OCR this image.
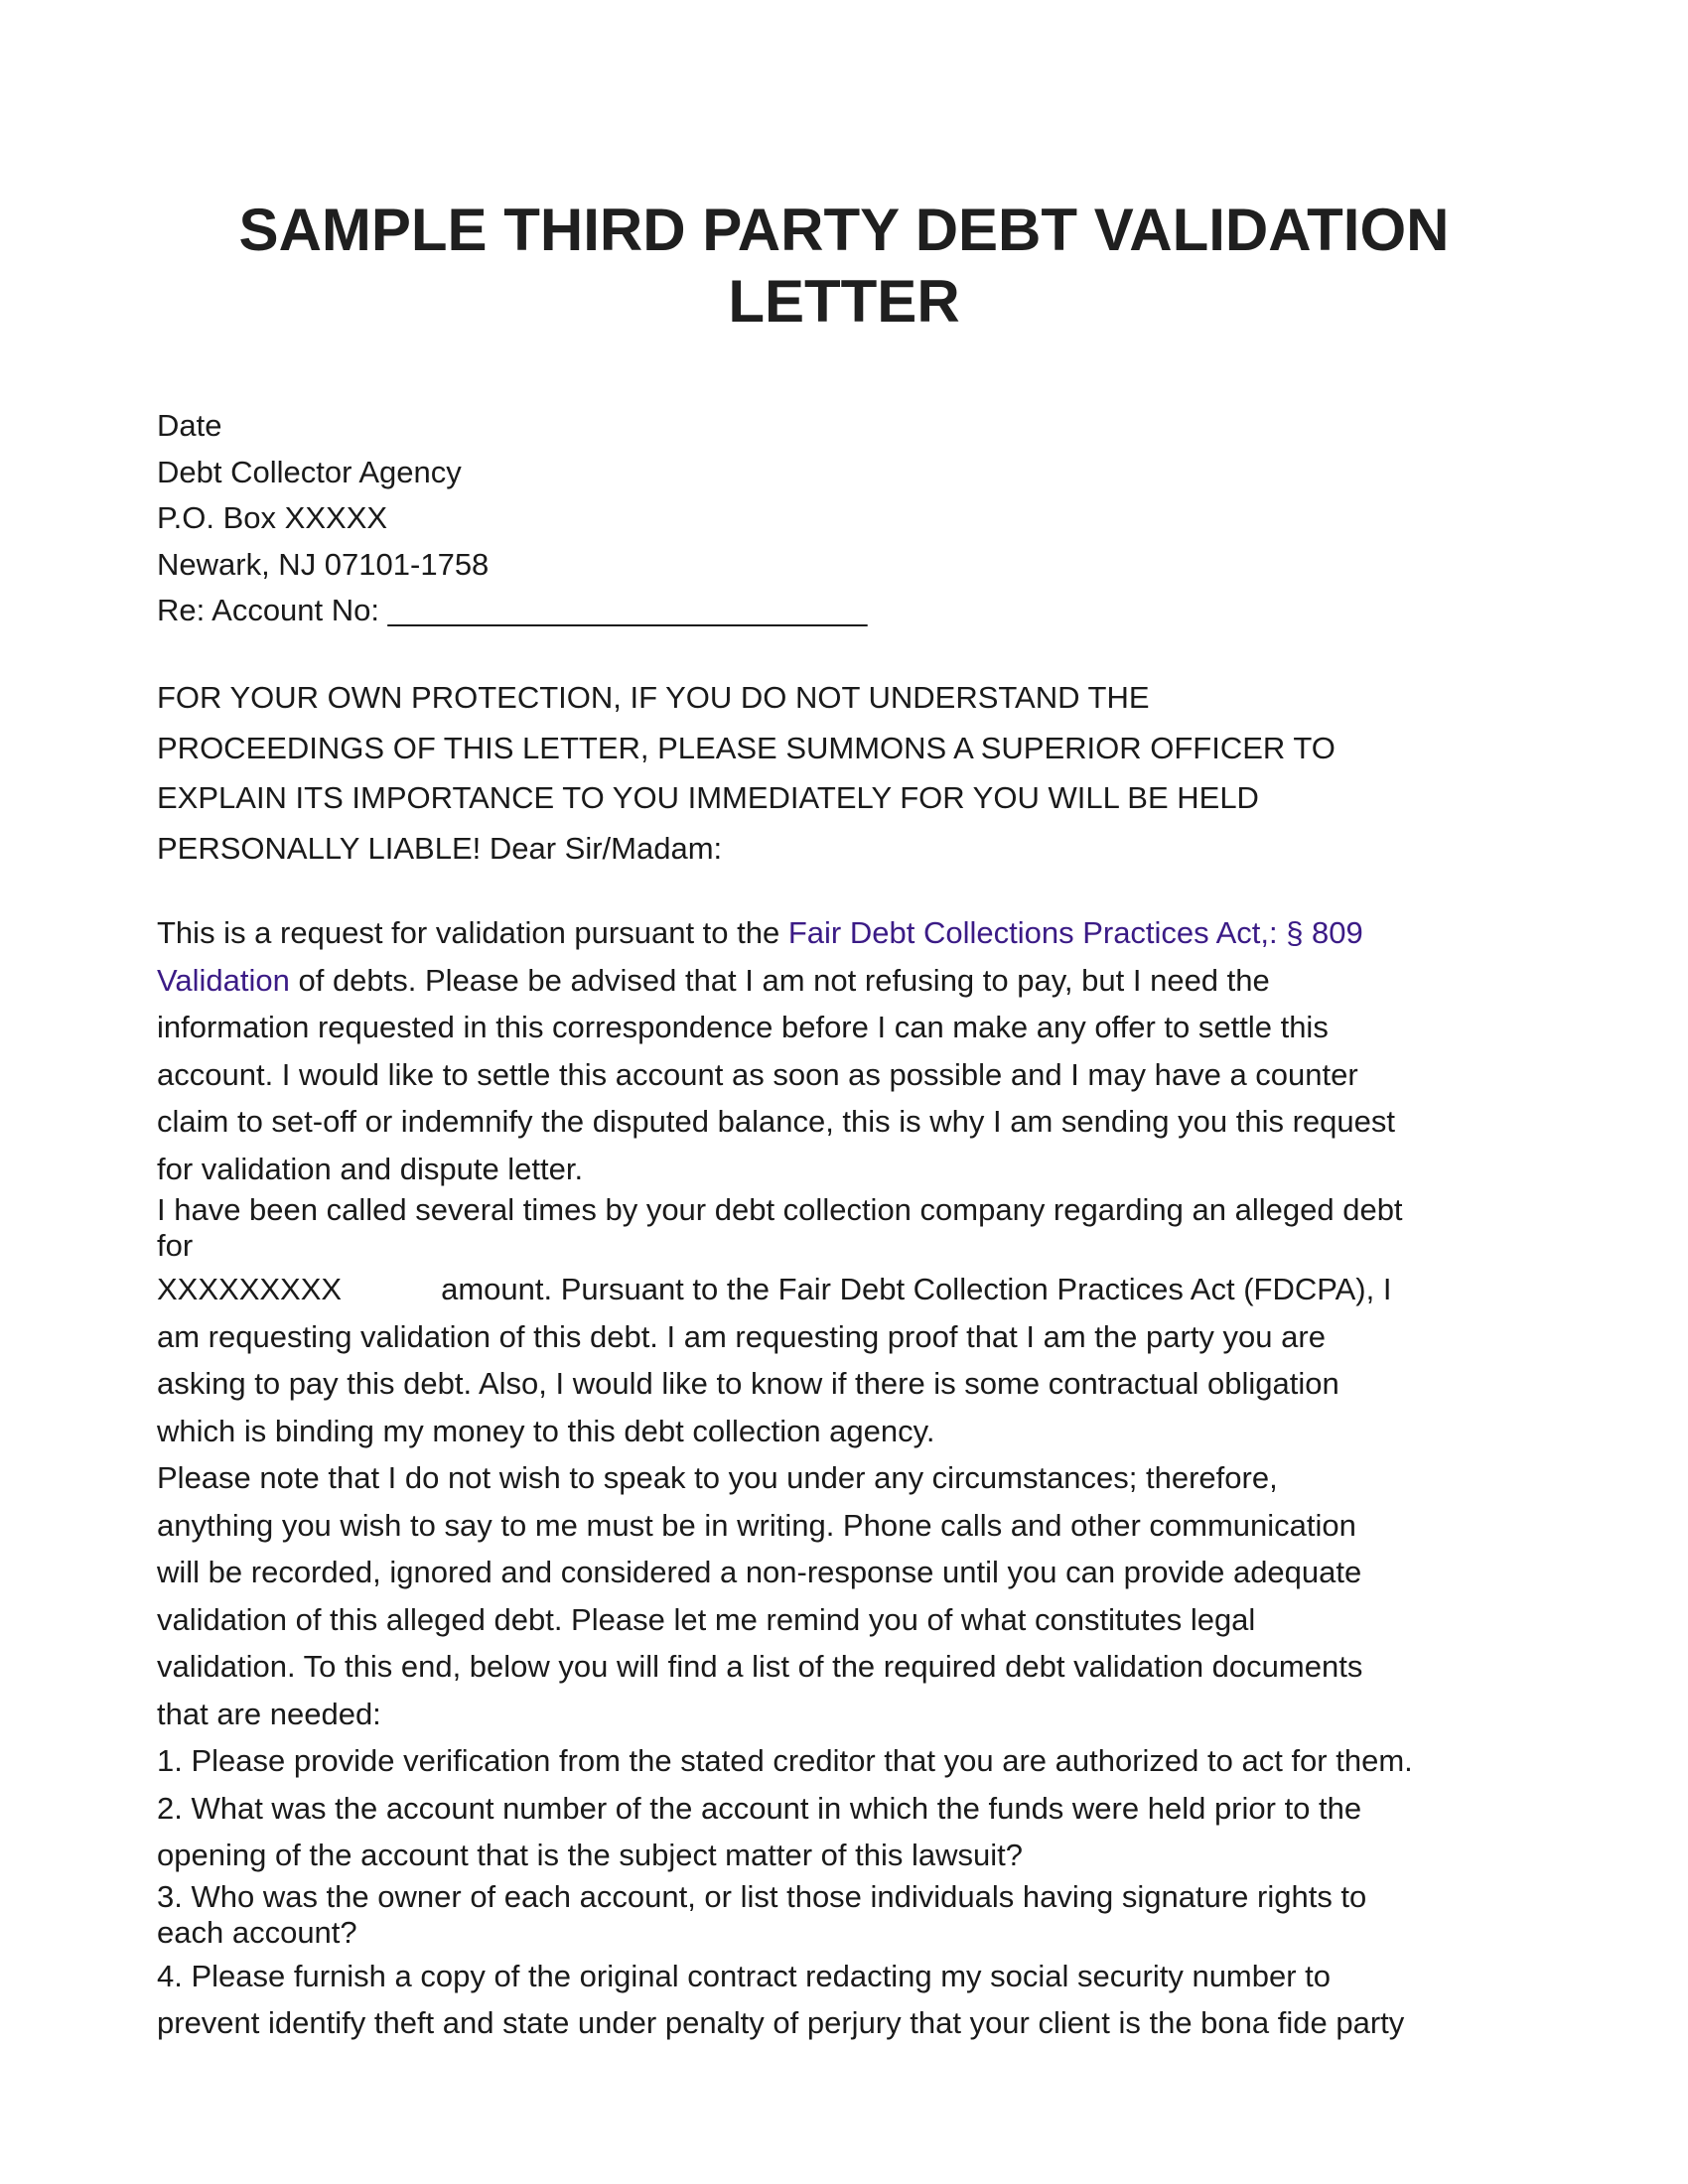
SAMPLE THIRD PARTY DEBT VALIDATION
LETTER
Date
Debt Collector Agency
P.O. Box XXXXX
Newark, NJ 07101-1758
Re: Account No: ____________________________
FOR YOUR OWN PROTECTION, IF YOU DO NOT UNDERSTAND THE
PROCEEDINGS OF THIS LETTER, PLEASE SUMMONS A SUPERIOR OFFICER TO
EXPLAIN ITS IMPORTANCE TO YOU IMMEDIATELY FOR YOU WILL BE HELD
PERSONALLY LIABLE! Dear Sir/Madam:
This is a request for validation pursuant to the Fair Debt Collections Practices Act,: § 809
Validation of debts. Please be advised that I am not refusing to pay, but I need the
information requested in this correspondence before I can make any offer to settle this
account. I would like to settle this account as soon as possible and I may have a counter
claim to set-off or indemnify the disputed balance, this is why I am sending you this request
for validation and dispute letter.
I have been called several times by your debt collection company regarding an alleged debt
for
XXXXXXXXX	amount. Pursuant to the Fair Debt Collection Practices Act (FDCPA), I
am requesting validation of this debt. I am requesting proof that I am the party you are
asking to pay this debt. Also, I would like to know if there is some contractual obligation
which is binding my money to this debt collection agency.
Please note that I do not wish to speak to you under any circumstances; therefore,
anything you wish to say to me must be in writing. Phone calls and other communication
will be recorded, ignored and considered a non-response until you can provide adequate
validation of this alleged debt. Please let me remind you of what constitutes legal
validation. To this end, below you will find a list of the required debt validation documents
that are needed:
1. Please provide verification from the stated creditor that you are authorized to act for them.
2. What was the account number of the account in which the funds were held prior to the
opening of the account that is the subject matter of this lawsuit?
3. Who was the owner of each account, or list those individuals having signature rights to
each account?
4. Please furnish a copy of the original contract redacting my social security number to
prevent identify theft and state under penalty of perjury that your client is the bona fide party
